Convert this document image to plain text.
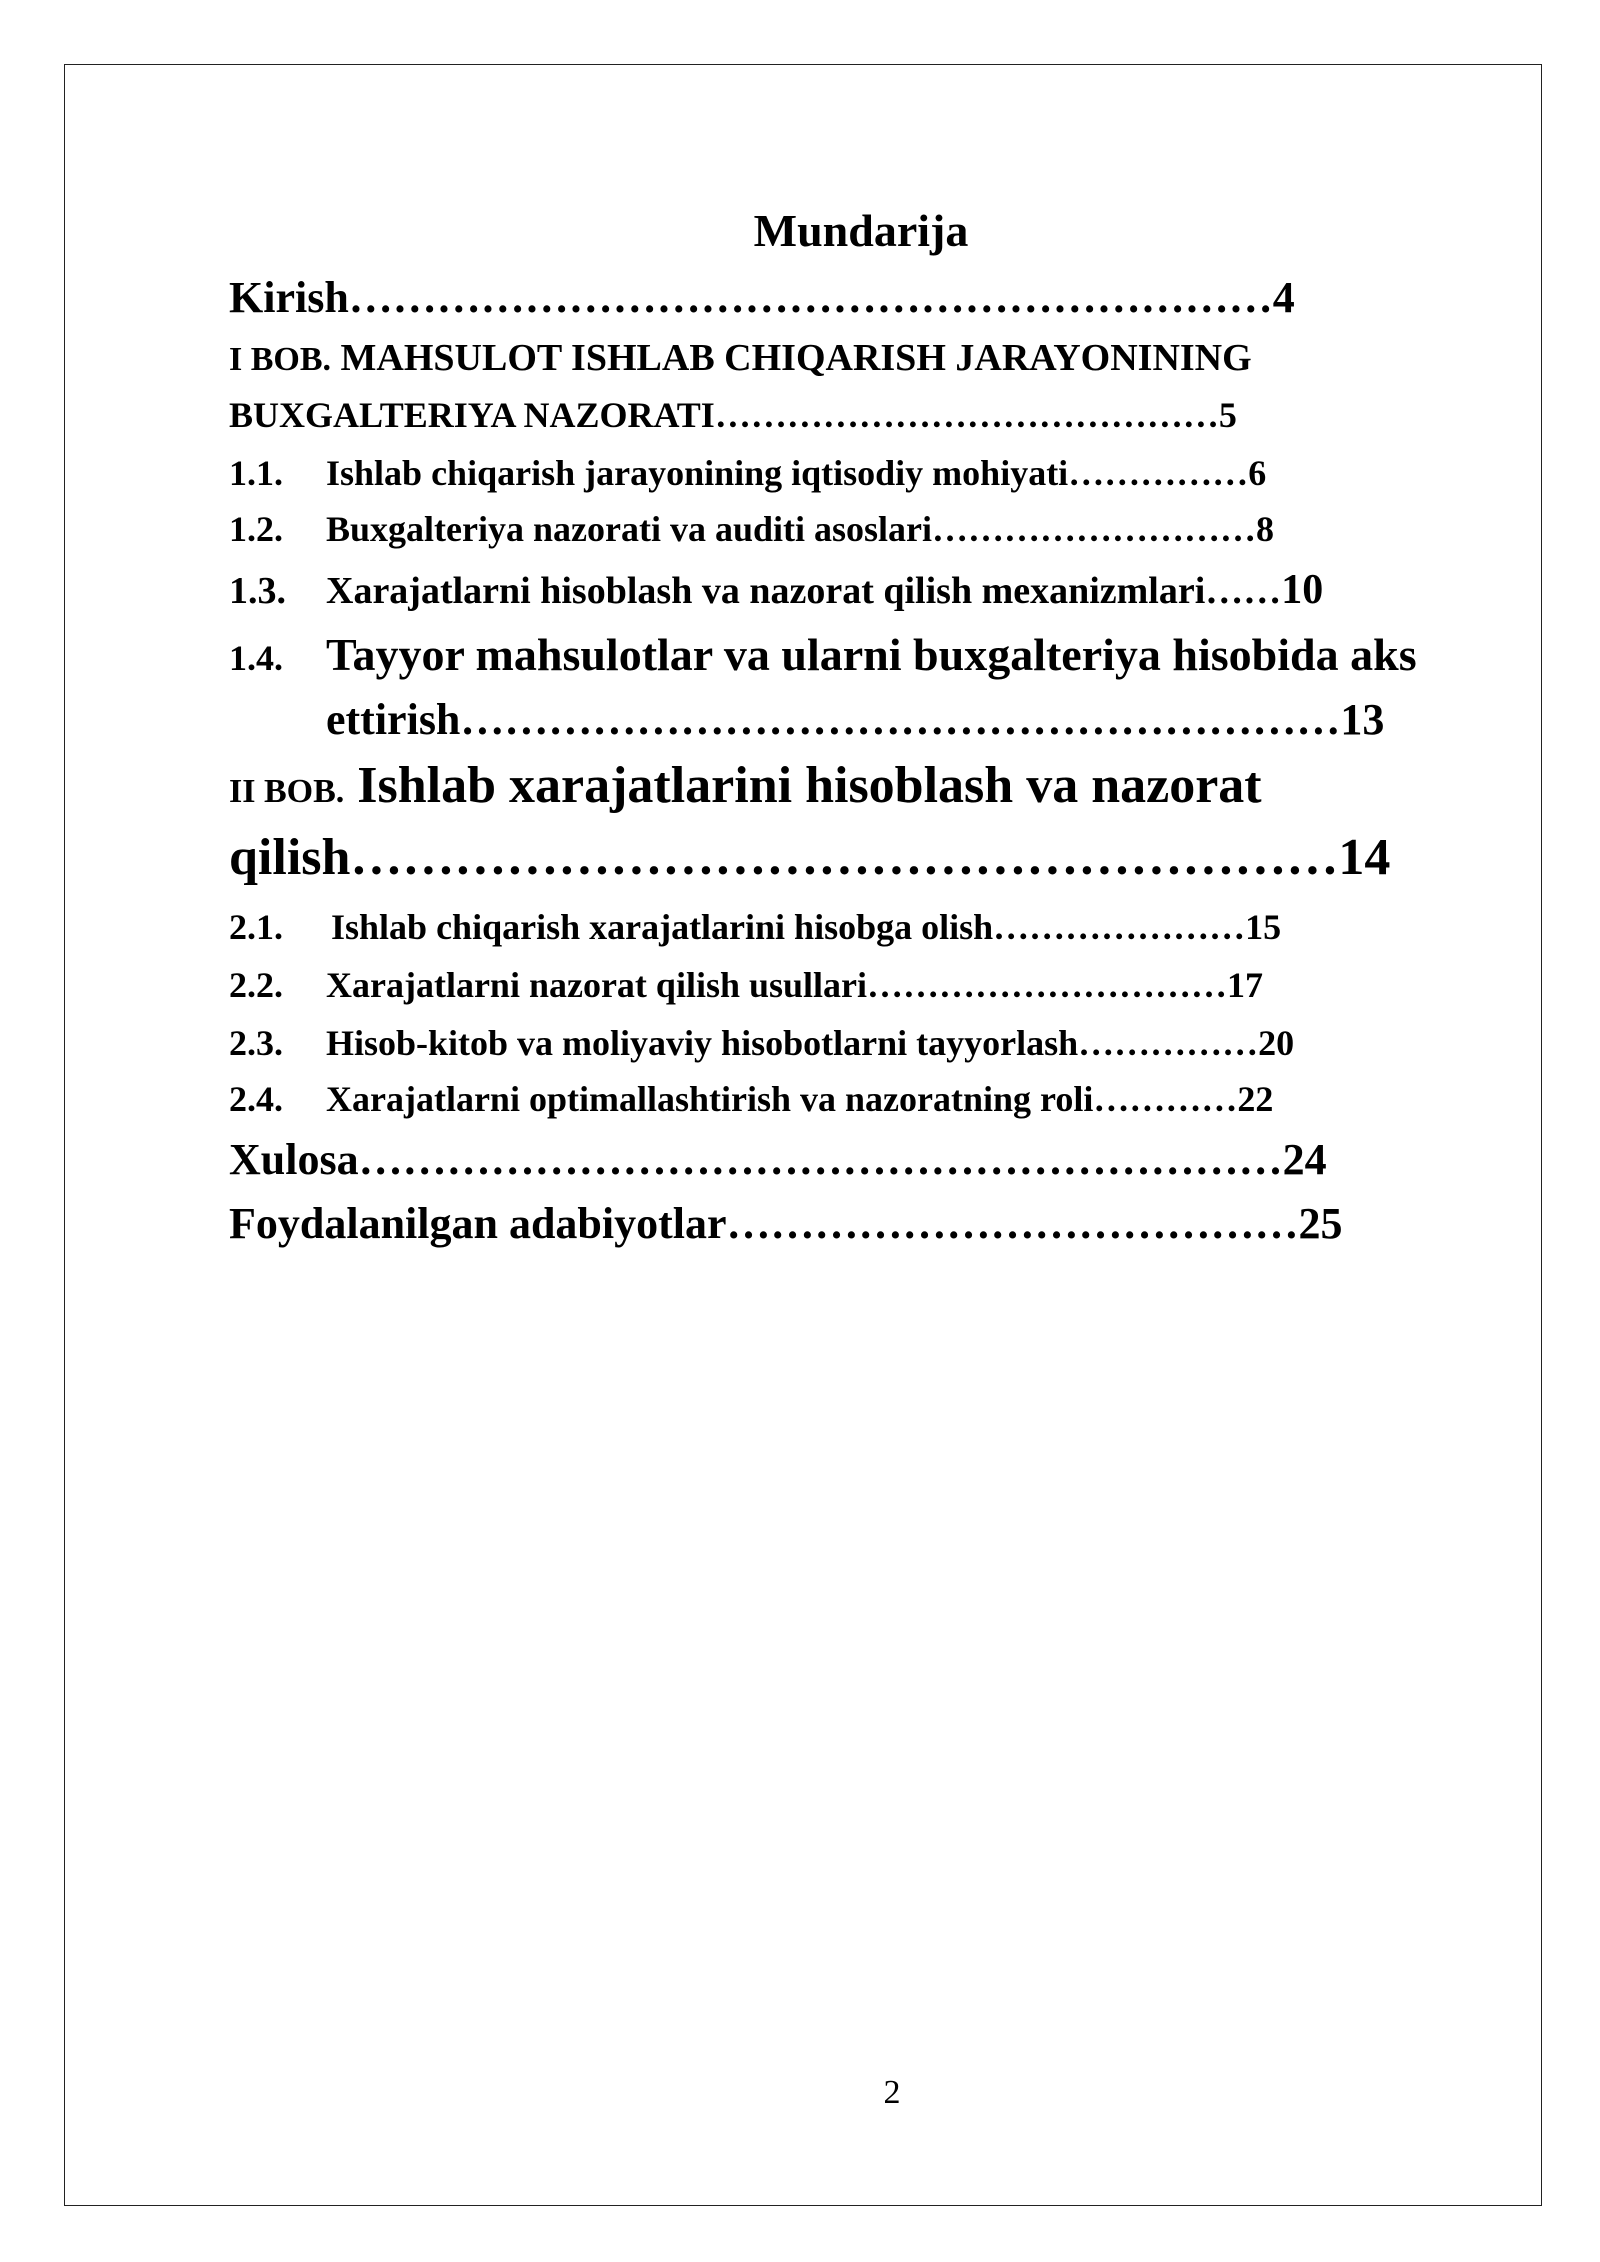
Mundarija
Kirish………………………………………………………4
I BOB. MAHSULOT ISHLAB CHIQARISH JARAYONINING
BUXGALTERIYA NAZORATI……………………………………5
1.1. Ishlab chiqarish jarayonining iqtisodiy mohiyati……………6
1.2. Buxgalteriya nazorati va auditi asoslari………………………8
1.3. Xarajatlarni hisoblash va nazorat qilish mexanizmlari……10
1.4. Tayyor mahsulotlar va ularni buxgalteriya hisobida aks
ettirish……………………………………………………13
II BOB. Ishlab xarajatlarini hisoblash va nazorat
qilish…………………………………………………14
2.1. Ishlab chiqarish xarajatlarini hisobga olish…………………15
2.2. Xarajatlarni nazorat qilish usullari…………………………17
2.3. Hisob-kitob va moliyaviy hisobotlarni tayyorlash……………20
2.4. Xarajatlarni optimallashtirish va nazoratning roli…………22
Xulosa………………………………………………………24
Foydalanilgan adabiyotlar…………………………………25
2
